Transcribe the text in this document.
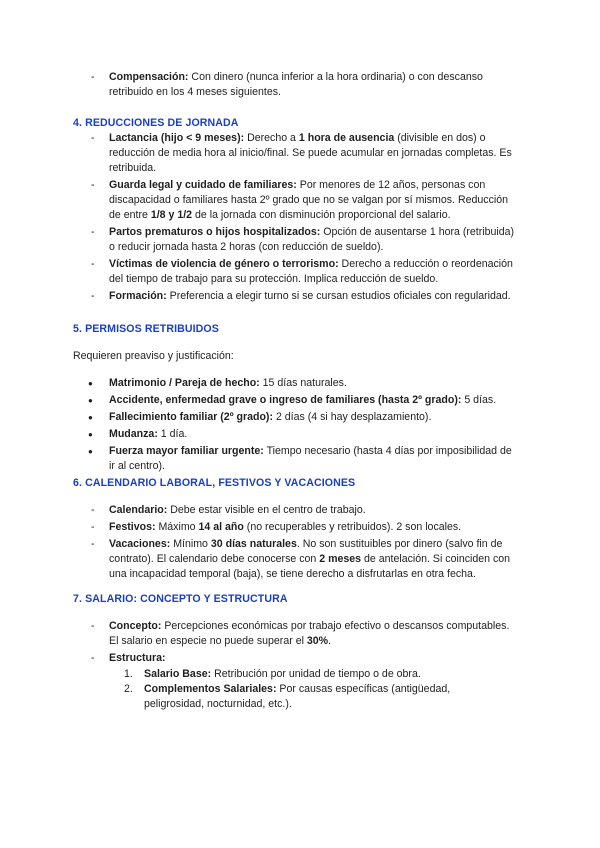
- Compensación: Con dinero (nunca inferior a la hora ordinaria) o con descanso retribuido en los 4 meses siguientes.

4. REDUCCIONES DE JORNADA

- Lactancia (hijo < 9 meses): Derecho a 1 hora de ausencia (divisible en dos) o reducción de media hora al inicio/final. Se puede acumular en jornadas completas. Es retribuida.
- Guarda legal y cuidado de familiares: Por menores de 12 años, personas con discapacidad o familiares hasta 2º grado que no se valgan por sí mismos. Reducción de entre 1/8 y 1/2 de la jornada con disminución proporcional del salario.
- Partos prematuros o hijos hospitalizados: Opción de ausentarse 1 hora (retribuida) o reducir jornada hasta 2 horas (con reducción de sueldo).
- Víctimas de violencia de género o terrorismo: Derecho a reducción o reordenación del tiempo de trabajo para su protección. Implica reducción de sueldo.
- Formación: Preferencia a elegir turno si se cursan estudios oficiales con regularidad.

5. PERMISOS RETRIBUIDOS

Requieren preaviso y justificación:

● Matrimonio / Pareja de hecho: 15 días naturales.
● Accidente, enfermedad grave o ingreso de familiares (hasta 2º grado): 5 días.
● Fallecimiento familiar (2º grado): 2 días (4 si hay desplazamiento).
● Mudanza: 1 día.
● Fuerza mayor familiar urgente: Tiempo necesario (hasta 4 días por imposibilidad de ir al centro).

6. CALENDARIO LABORAL, FESTIVOS Y VACACIONES

- Calendario: Debe estar visible en el centro de trabajo.
- Festivos: Máximo 14 al año (no recuperables y retribuidos). 2 son locales.
- Vacaciones: Mínimo 30 días naturales. No son sustituibles por dinero (salvo fin de contrato). El calendario debe conocerse con 2 meses de antelación. Si coinciden con una incapacidad temporal (baja), se tiene derecho a disfrutarlas en otra fecha.

7. SALARIO: CONCEPTO Y ESTRUCTURA

- Concepto: Percepciones económicas por trabajo efectivo o descansos computables. El salario en especie no puede superar el 30%.
- Estructura:
1. Salario Base: Retribución por unidad de tiempo o de obra.
2. Complementos Salariales: Por causas específicas (antigüedad, peligrosidad, nocturnidad, etc.).
